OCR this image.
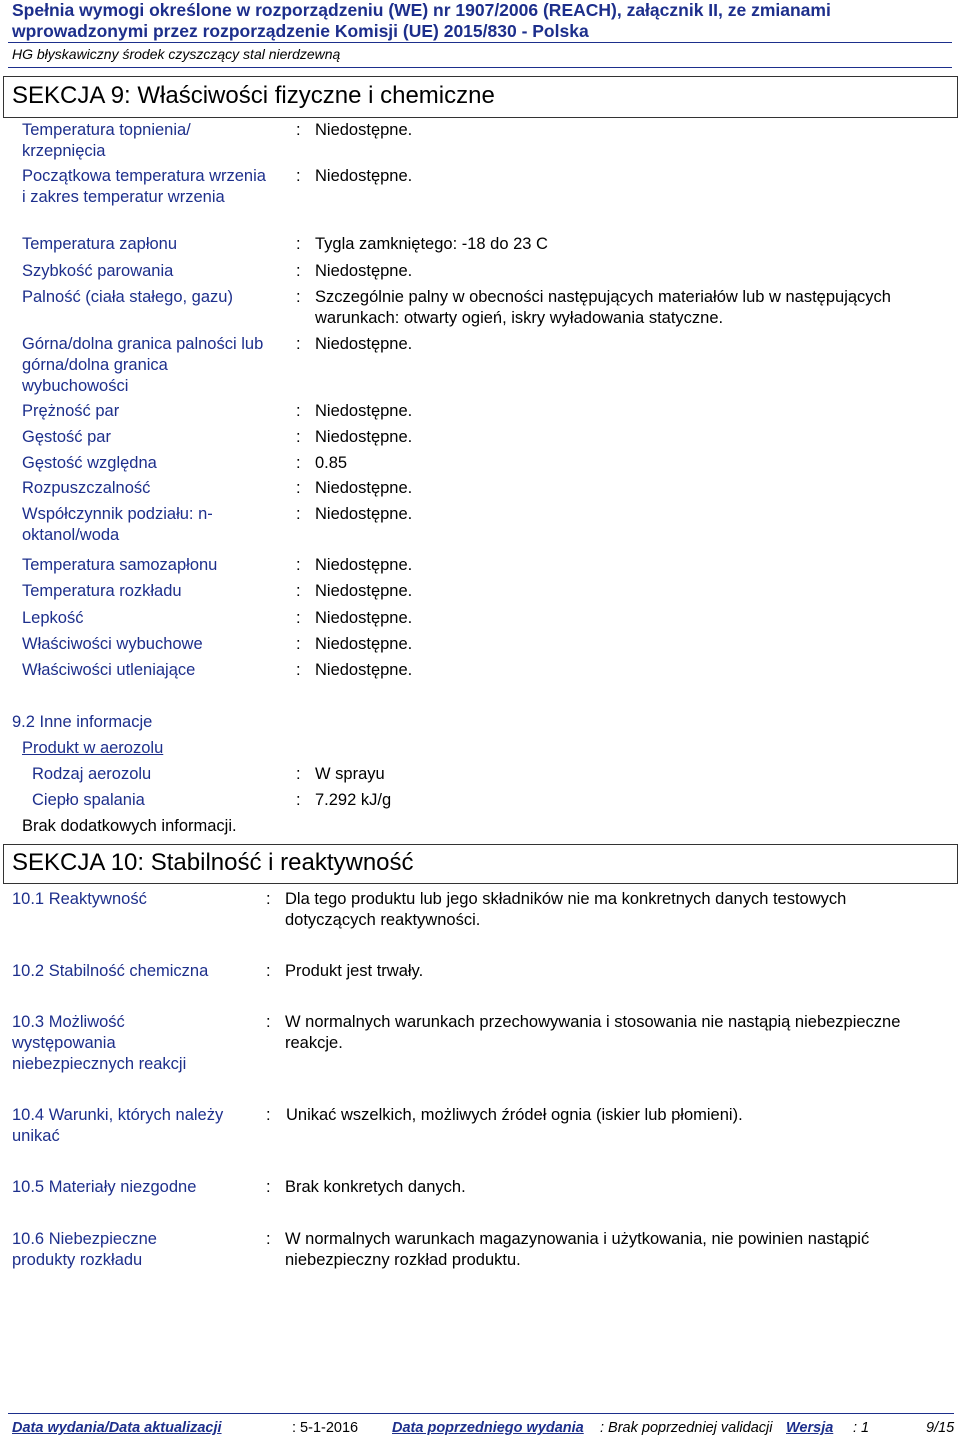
Spełnia wymogi określone w rozporządzeniu (WE) nr 1907/2006 (REACH), załącznik II, ze zmianami wprowadzonymi przez rozporządzenie Komisji (UE) 2015/830 - Polska
HG błyskawiczny środek czyszczący stal nierdzewną
SEKCJA 9: Właściwości fizyczne i chemiczne
Temperatura topnienia/ krzepnięcia
: Niedostępne.
Początkowa temperatura wrzenia i zakres temperatur wrzenia
: Niedostępne.
Temperatura zapłonu	: Tygla zamkniętego: -18 do 23 C
Szybkość parowania	: Niedostępne.
Palność (ciała stałego, gazu)	: Szczególnie palny w obecności następujących materiałów lub w następujących warunkach: otwarty ogień, iskry wyładowania statyczne.
Górna/dolna granica palności lub górna/dolna granica wybuchowości
: Niedostępne.
Prężność par	: Niedostępne.
Gęstość par	: Niedostępne.
Gęstość względna	: 0.85
Rozpuszczalność	: Niedostępne.
Współczynnik podziału: n-oktanol/woda
: Niedostępne.
Temperatura samozapłonu	: Niedostępne.
Temperatura rozkładu	: Niedostępne.
Lepkość	: Niedostępne.
Właściwości wybuchowe	: Niedostępne.
Właściwości utleniające	: Niedostępne.
9.2 Inne informacje
Produkt w aerozolu
Rodzaj aerozolu	: W sprayu
Ciepło spalania	: 7.292 kJ/g
Brak dodatkowych informacji.
SEKCJA 10: Stabilność i reaktywność
10.1 Reaktywność	: Dla tego produktu lub jego składników nie ma konkretnych danych testowych dotyczących reaktywności.
10.2 Stabilność chemiczna	: Produkt jest trwały.
10.3 Możliwość występowania niebezpiecznych reakcji
: W normalnych warunkach przechowywania i stosowania nie nastąpią niebezpieczne reakcje.
10.4 Warunki, których należy unikać
: Unikać wszelkich, możliwych źródeł ognia (iskier lub płomieni).
10.5 Materiały niezgodne	: Brak konkretych danych.
10.6 Niebezpieczne produkty rozkładu
: W normalnych warunkach magazynowania i użytkowania, nie powinien nastąpić niebezpieczny rozkład produktu.
Data wydania/Data aktualizacji	: 5-1-2016 Data poprzedniego wydania : Brak poprzedniej validacji Wersja : 1	9/15
